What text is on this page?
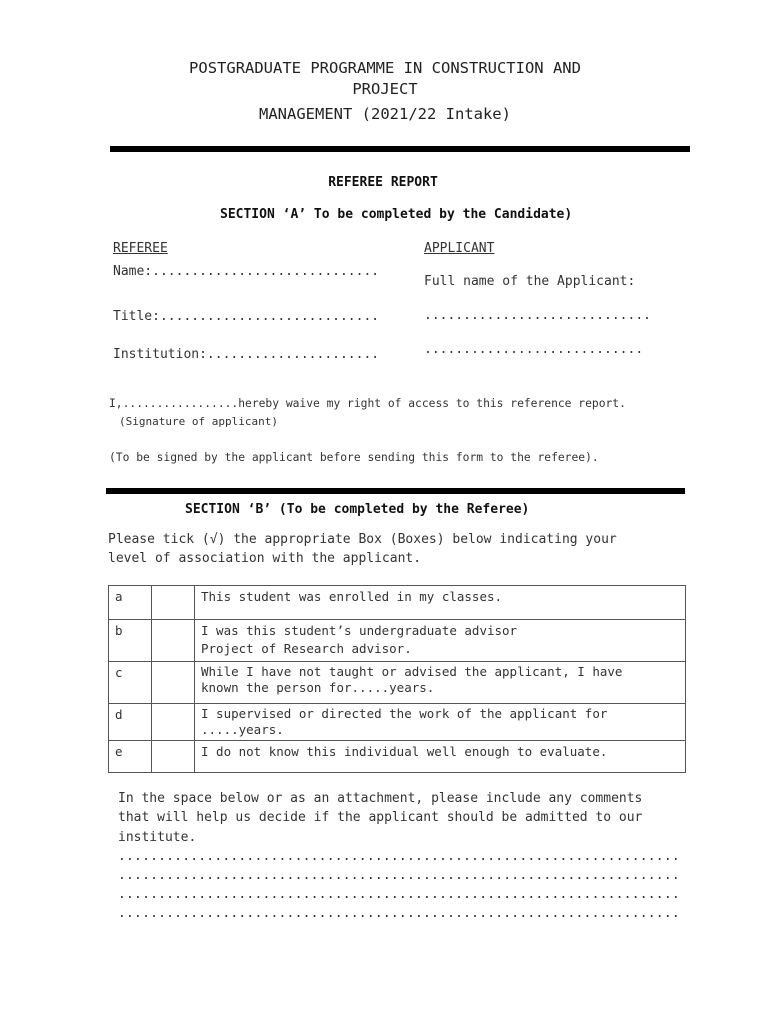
POSTGRADUATE PROGRAMME IN CONSTRUCTION AND
PROJECT
MANAGEMENT (2021/22 Intake)
REFEREE REPORT
SECTION ‘A’ To be completed by the Candidate)
REFEREE
Name:.............................
Title:............................
Institution:......................
APPLICANT
Full name of the Applicant:
.............................
............................
I,.................hereby waive my right of access to this reference report.
(Signature of applicant)
(To be signed by the applicant before sending this form to the referee).
SECTION ‘B’ (To be completed by the Referee)
Please tick (√) the appropriate Box (Boxes) below indicating your
level of association with the applicant.
a		This student was enrolled in my classes.
b		I was this student’s undergraduate advisor
Project of Research advisor.
c		While I have not taught or advised the applicant, I have
known the person for.....years.
d		I supervised or directed the work of the applicant for
.....years.
e		I do not know this individual well enough to evaluate.
In the space below or as an attachment, please include any comments
that will help us decide if the applicant should be admitted to our
institute.
......................................................................
......................................................................
......................................................................
......................................................................
